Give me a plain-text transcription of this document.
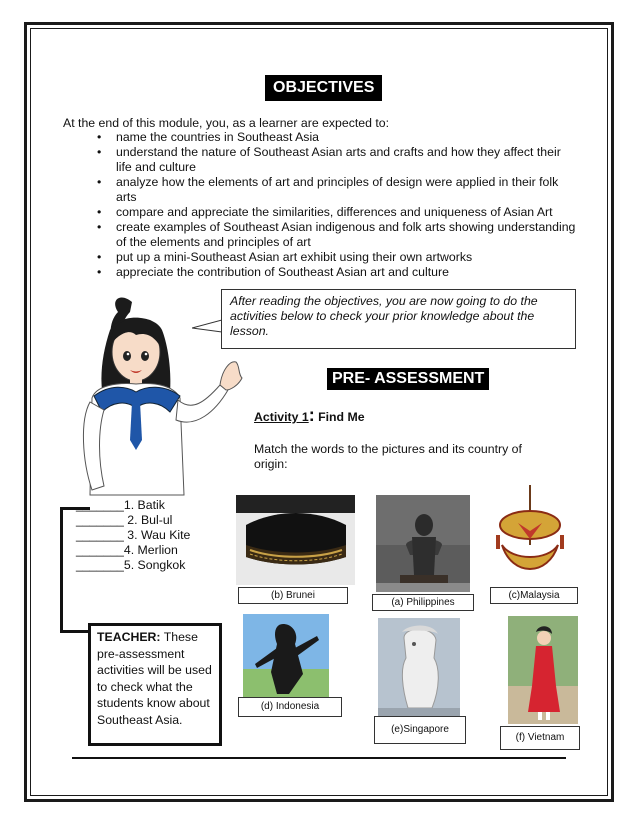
OBJECTIVES
At the end of this module, you, as a learner are expected to:
• name the countries in Southeast Asia
• understand the nature of Southeast Asian arts and crafts and how they affect their life and culture
• analyze how the elements of art and principles of design were applied in their folk arts
• compare and appreciate the similarities, differences and uniqueness of Asian Art
• create examples of Southeast Asian indigenous and folk arts showing understanding of the elements and principles of art
• put up a mini-Southeast Asian art exhibit using their own artworks
• appreciate the contribution of Southeast Asian art and culture
After reading the objectives, you are now going to do the activities below to check your prior knowledge about the lesson.
PRE- ASSESSMENT
Activity 1: Find Me
Match the words to the pictures and its country of origin:
_______1. Batik
_______ 2. Bul-ul
_______ 3. Wau Kite
_______4. Merlion
_______5. Songkok
TEACHER: These pre-assessment activities will be used to check what the students know about Southeast Asia.
(b) Brunei
(a) Philippines
(c)Malaysia
(d) Indonesia
(e)Singapore
(f) Vietnam
